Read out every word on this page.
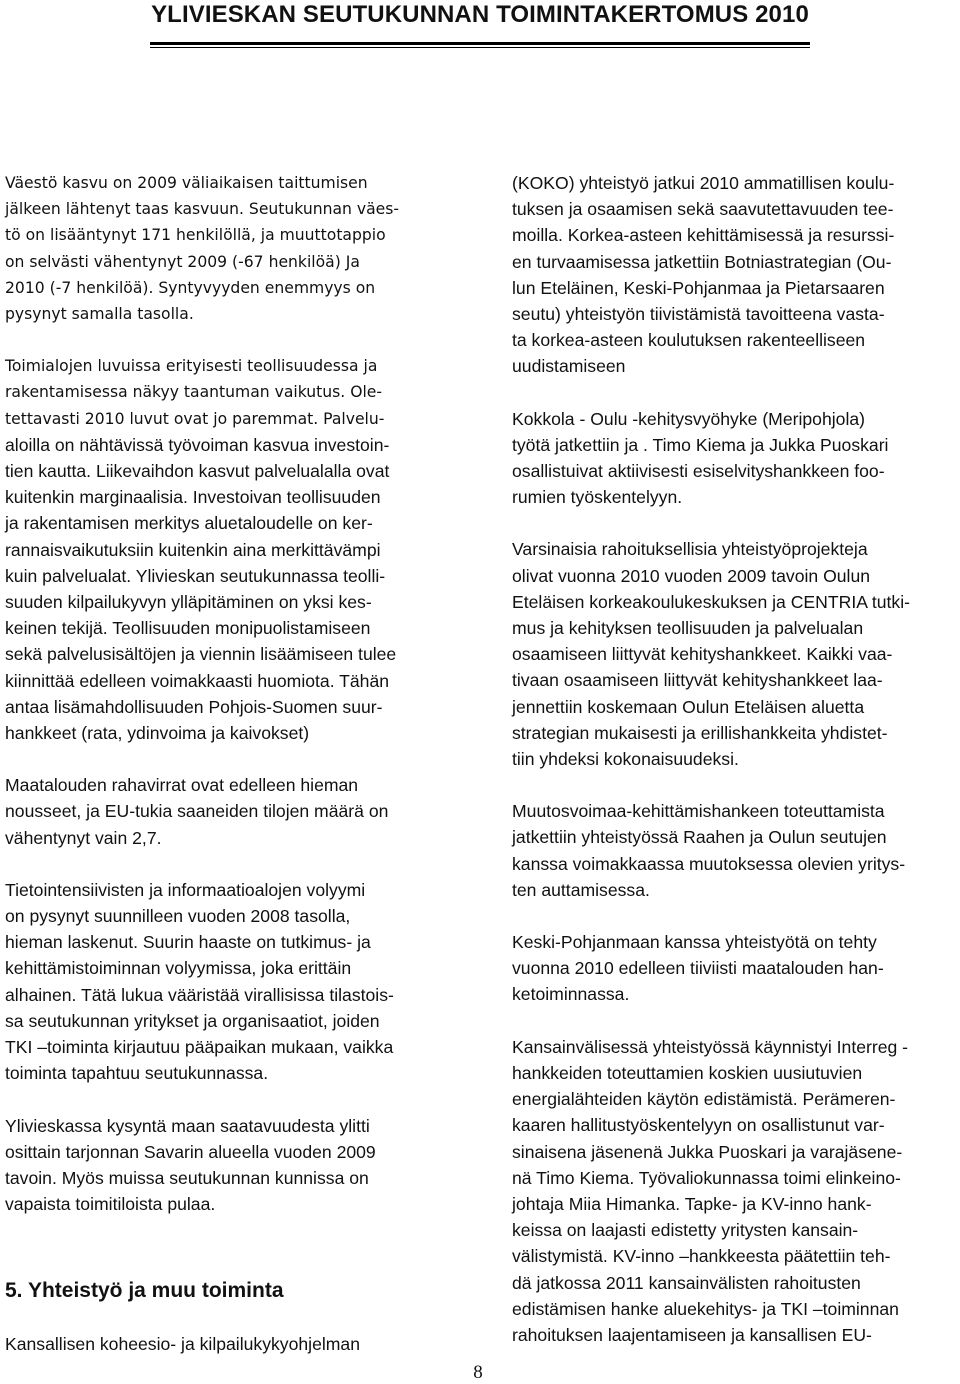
YLIVIESKAN SEUTUKUNNAN TOIMINTAKERTOMUS 2010
Väestö kasvu on 2009 väliaikaisen taittumisen
jälkeen lähtenyt taas kasvuun. Seutukunnan väes-
tö on lisääntynyt 171 henkilöllä, ja muuttotappio
on selvästi vähentynyt 2009 (-67 henkilöä) Ja
2010 (-7 henkilöä). Syntyvyyden enemmyys on
pysynyt samalla tasolla.
Toimialojen luvuissa erityisesti teollisuudessa ja
rakentamisessa näkyy taantuman vaikutus. Ole-
tettavasti 2010 luvut ovat jo paremmat. Palvelu-
aloilla on nähtävissä työvoiman kasvua investoin-
tien kautta. Liikevaihdon kasvut palvelualalla ovat
kuitenkin marginaalisia. Investoivan teollisuuden
ja rakentamisen merkitys aluetaloudelle on ker-
rannaisvaikutuksiin kuitenkin aina merkittävämpi
kuin palvelualat. Ylivieskan seutukunnassa teolli-
suuden kilpailukyvyn ylläpitäminen on yksi kes-
keinen tekijä. Teollisuuden monipuolistamiseen
sekä palvelusisältöjen ja viennin lisäämiseen tulee
kiinnittää edelleen voimakkaasti huomiota. Tähän
antaa lisämahdollisuuden Pohjois-Suomen suur-
hankkeet (rata, ydinvoima ja kaivokset)
Maatalouden rahavirrat ovat edelleen hieman
nousseet, ja EU-tukia saaneiden tilojen määrä on
vähentynyt vain 2,7.
Tietointensiivisten ja informaatioalojen volyymi
on pysynyt suunnilleen vuoden 2008 tasolla,
hieman laskenut. Suurin haaste on tutkimus- ja
kehittämistoiminnan volyymissa, joka erittäin
alhainen. Tätä lukua vääristää virallisissa tilastois-
sa seutukunnan yritykset ja organisaatiot, joiden
TKI –toiminta kirjautuu pääpaikan mukaan, vaikka
toiminta tapahtuu seutukunnassa.
Ylivieskassa kysyntä maan saatavuudesta ylitti
osittain tarjonnan Savarin alueella vuoden 2009
tavoin. Myös muissa seutukunnan kunnissa on
vapaista toimitiloista pulaa.
5. Yhteistyö ja muu toiminta
Kansallisen koheesio- ja kilpailukykyohjelman
(KOKO) yhteistyö jatkui 2010 ammatillisen koulu-
tuksen ja osaamisen sekä saavutettavuuden tee-
moilla. Korkea-asteen kehittämisessä ja resurssi-
en turvaamisessa jatkettiin Botniastrategian (Ou-
lun Eteläinen, Keski-Pohjanmaa ja Pietarsaaren
seutu) yhteistyön tiivistämistä tavoitteena vasta-
ta korkea-asteen koulutuksen rakenteelliseen
uudistamiseen
Kokkola - Oulu -kehitysvyöhyke (Meripohjola)
työtä jatkettiin ja . Timo Kiema ja Jukka Puoskari
osallistuivat aktiivisesti esiselvityshankkeen foo-
rumien työskentelyyn.
Varsinaisia rahoituksellisia yhteistyöprojekteja
olivat vuonna 2010 vuoden 2009 tavoin Oulun
Eteläisen korkeakoulukeskuksen ja CENTRIA tutki-
mus ja kehityksen teollisuuden ja palvelualan
osaamiseen liittyvät kehityshankkeet. Kaikki vaa-
tivaan osaamiseen liittyvät kehityshankkeet laa-
jennettiin koskemaan Oulun Eteläisen aluetta
strategian mukaisesti ja erillishankkeita yhdistet-
tiin yhdeksi kokonaisuudeksi.
Muutosvoimaa-kehittämishankeen toteuttamista
jatkettiin yhteistyössä Raahen ja Oulun seutujen
kanssa voimakkaassa muutoksessa olevien yritys-
ten auttamisessa.
Keski-Pohjanmaan kanssa yhteistyötä on tehty
vuonna 2010 edelleen tiiviisti maatalouden han-
ketoiminnassa.
Kansainvälisessä yhteistyössä käynnistyi Interreg -
hankkeiden toteuttamien koskien uusiutuvien
energialähteiden käytön edistämistä. Perämeren-
kaaren hallitustyöskentelyyn on osallistunut var-
sinaisena jäsenenä Jukka Puoskari ja varajäsene-
nä Timo Kiema. Työvaliokunnassa toimi elinkeino-
johtaja Miia Himanka. Tapke- ja KV-inno hank-
keissa on laajasti edistetty yritysten kansain-
välistymistä. KV-inno –hankkeesta päätettiin teh-
dä jatkossa 2011 kansainvälisten rahoitusten
edistämisen hanke aluekehitys- ja TKI –toiminnan
rahoituksen laajentamiseen ja kansallisen EU-
8
